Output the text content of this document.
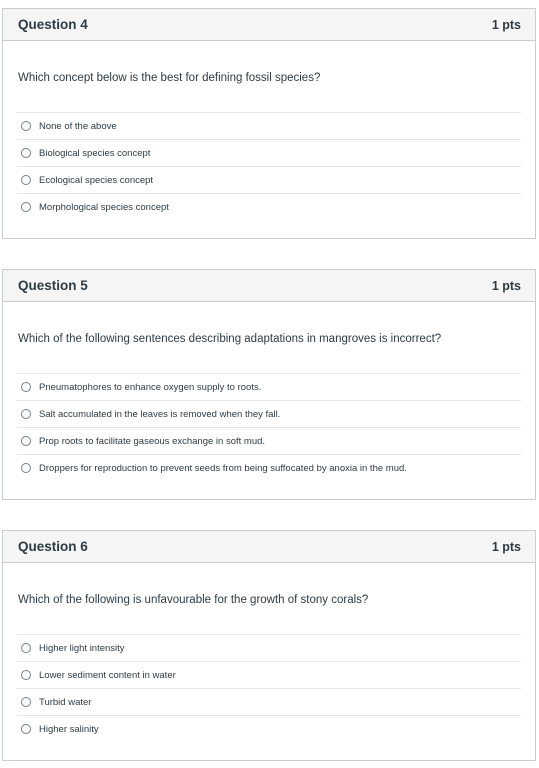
Question 4	1 pts

Which concept below is the best for defining fossil species?

None of the above
Biological species concept
Ecological species concept
Morphological species concept
Question 5	1 pts

Which of the following sentences describing adaptations in mangroves is incorrect?

Pneumatophores to enhance oxygen supply to roots.
Salt accumulated in the leaves is removed when they fall.
Prop roots to facilitate gaseous exchange in soft mud.
Droppers for reproduction to prevent seeds from being suffocated by anoxia in the mud.
Question 6	1 pts

Which of the following is unfavourable for the growth of stony corals?

Higher light intensity
Lower sediment content in water
Turbid water
Higher salinity
